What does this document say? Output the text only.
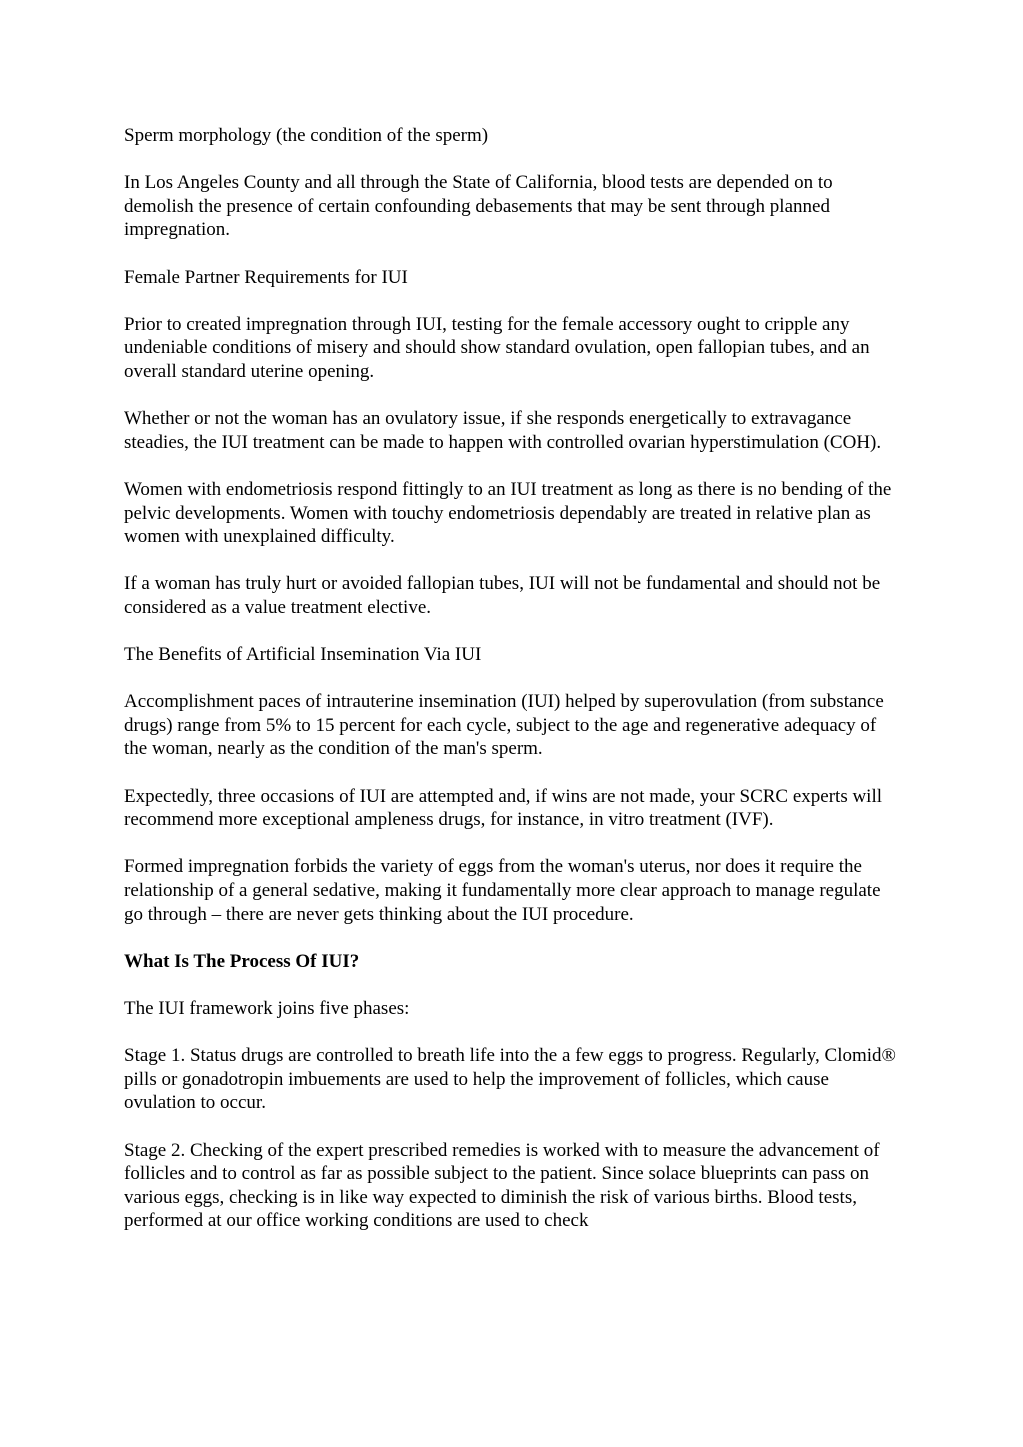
Sperm morphology (the condition of the sperm)

In Los Angeles County and all through the State of California, blood tests are depended on to demolish the presence of certain confounding debasements that may be sent through planned impregnation.

Female Partner Requirements for IUI

Prior to created impregnation through IUI, testing for the female accessory ought to cripple any undeniable conditions of misery and should show standard ovulation, open fallopian tubes, and an overall standard uterine opening.

Whether or not the woman has an ovulatory issue, if she responds energetically to extravagance steadies, the IUI treatment can be made to happen with controlled ovarian hyperstimulation (COH).

Women with endometriosis respond fittingly to an IUI treatment as long as there is no bending of the pelvic developments. Women with touchy endometriosis dependably are treated in relative plan as women with unexplained difficulty.

If a woman has truly hurt or avoided fallopian tubes, IUI will not be fundamental and should not be considered as a value treatment elective.

The Benefits of Artificial Insemination Via IUI

Accomplishment paces of intrauterine insemination (IUI) helped by superovulation (from substance drugs) range from 5% to 15 percent for each cycle, subject to the age and regenerative adequacy of the woman, nearly as the condition of the man's sperm.

Expectedly, three occasions of IUI are attempted and, if wins are not made, your SCRC experts will recommend more exceptional ampleness drugs, for instance, in vitro treatment (IVF).

Formed impregnation forbids the variety of eggs from the woman's uterus, nor does it require the relationship of a general sedative, making it fundamentally more clear approach to manage regulate go through – there are never gets thinking about the IUI procedure.

What Is The Process Of IUI?

The IUI framework joins five phases:

Stage 1. Status drugs are controlled to breath life into the a few eggs to progress. Regularly, Clomid® pills or gonadotropin imbuements are used to help the improvement of follicles, which cause ovulation to occur.

Stage 2. Checking of the expert prescribed remedies is worked with to measure the advancement of follicles and to control as far as possible subject to the patient. Since solace blueprints can pass on various eggs, checking is in like way expected to diminish the risk of various births. Blood tests, performed at our office working conditions are used to check
